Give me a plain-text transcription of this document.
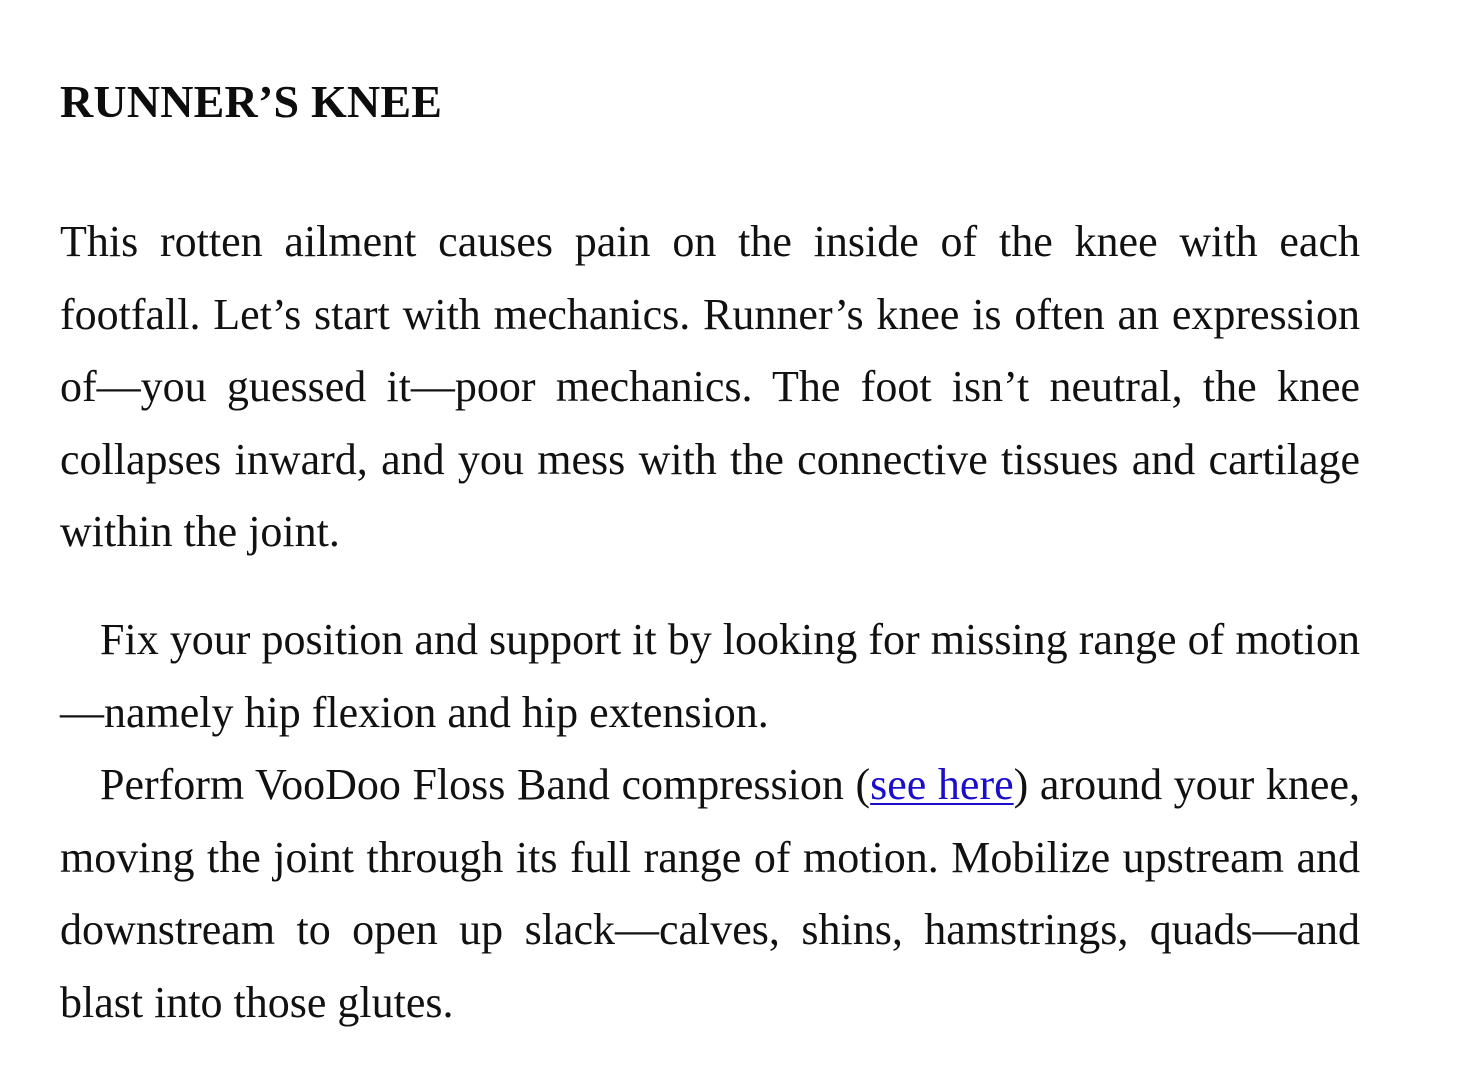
RUNNER’S KNEE

This rotten ailment causes pain on the inside of the knee with each footfall. Let’s start with mechanics. Runner’s knee is often an expression of—you guessed it—poor mechanics. The foot isn’t neutral, the knee collapses inward, and you mess with the connective tissues and cartilage within the joint.

Fix your position and support it by looking for missing range of motion—namely hip flexion and hip extension.

Perform VooDoo Floss Band compression (see here) around your knee, moving the joint through its full range of motion. Mobilize upstream and downstream to open up slack—calves, shins, hamstrings, quads—and blast into those glutes.
